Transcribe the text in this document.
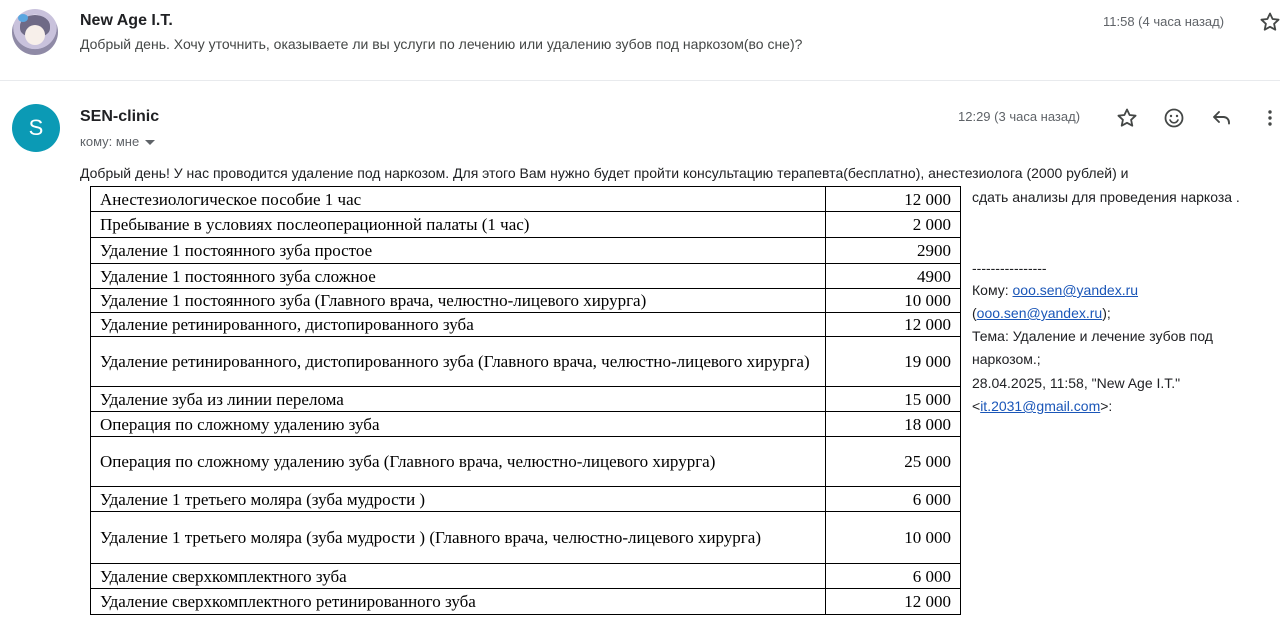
New Age I.T.
Добрый день. Хочу уточнить, оказываете ли вы услуги по лечению или удалению зубов под наркозом(во сне)?
11:58 (4 часа назад)
S	SEN-clinic
кому: мне
12:29 (3 часа назад)
Добрый день! У нас проводится удаление под наркозом. Для этого Вам нужно будет пройти консультацию терапевта(бесплатно), анестезиолога (2000 рублей) и
Анестезиологическое пособие 1 час	12 000
Пребывание в условиях послеоперационной палаты (1 час)	2 000
Удаление 1 постоянного зуба простое	2900
Удаление 1 постоянного зуба сложное	4900
Удаление 1 постоянного зуба (Главного врача, челюстно-лицевого хирурга)	10 000
Удаление ретинированного, дистопированного зуба	12 000
Удаление ретинированного, дистопированного зуба (Главного врача, челюстно-лицевого хирурга)	19 000
Удаление зуба из линии перелома	15 000
Операция по сложному удалению зуба	18 000
Операция по сложному удалению зуба (Главного врача, челюстно-лицевого хирурга)	25 000
Удаление 1 третьего моляра (зуба мудрости )	6 000
Удаление 1 третьего моляра (зуба мудрости ) (Главного врача, челюстно-лицевого хирурга)	10 000
Удаление сверхкомплектного зуба	6 000
Удаление сверхкомплектного ретинированного зуба	12 000
сдать анализы для проведения наркоза .
----------------
Кому: ooo.sen@yandex.ru
(ooo.sen@yandex.ru);
Тема: Удаление и лечение зубов под
наркозом.;
28.04.2025, 11:58, "New Age I.T."
<it.2031@gmail.com>:
